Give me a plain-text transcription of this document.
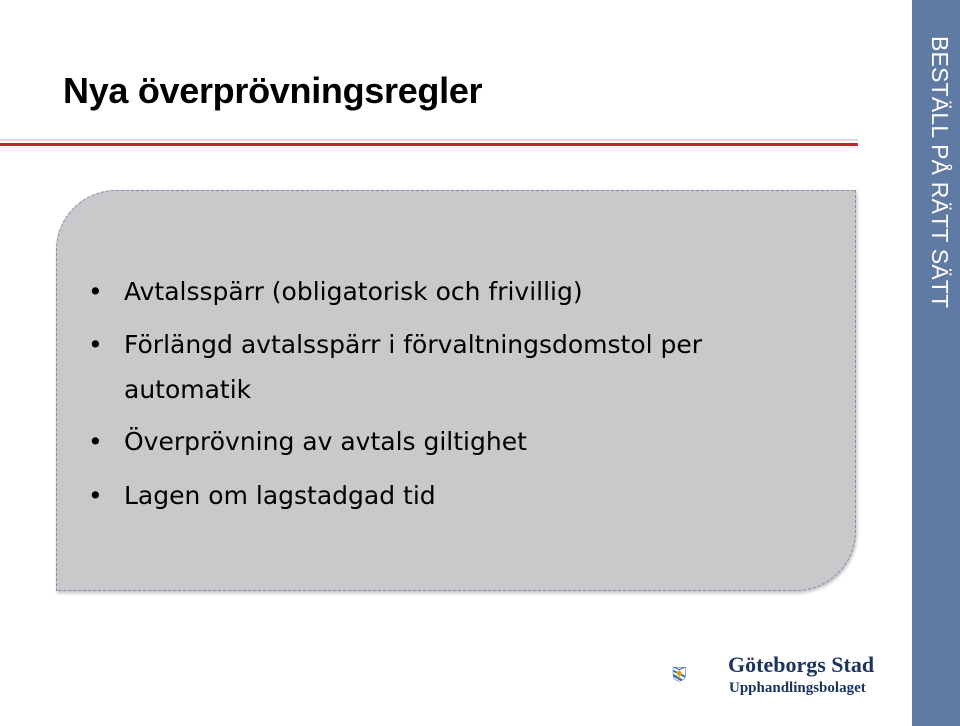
Nya överprövningsregler
• Avtalsspärr (obligatorisk och frivillig)
• Förlängd avtalsspärr i förvaltningsdomstol per automatik
• Överprövning av avtals giltighet
• Lagen om lagstadgad tid
BESTÄLL PÅ RÄTT SÄTT
Göteborgs Stad
Upphandlingsbolaget
